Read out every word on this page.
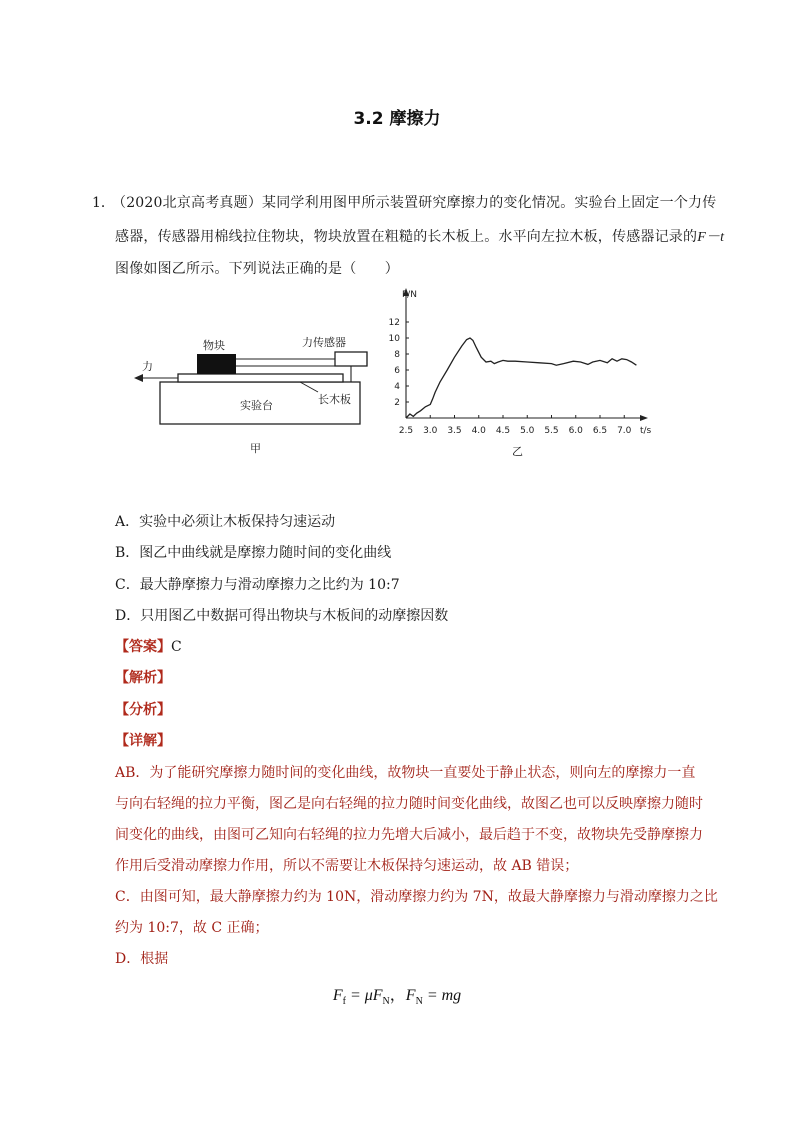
3.2 摩擦力
1．
（2020北京高考真题）某同学利用图甲所示装置研究摩擦力的变化情况。实验台上固定一个力传
感器，传感器用棉线拉住物块，物块放置在粗糙的长木板上。水平向左拉木板，传感器记录的F－t
图像如图乙所示。下列说法正确的是（　　）
实验台
物块	力传感器
力
长木板
甲
F/N
t/s
2.5 3.0 3.5 4.0 4.5 5.0 5.5 6.0 6.5 7.0
2
4
6
8
10
12
乙
A．实验中必须让木板保持匀速运动
B．图乙中曲线就是摩擦力随时间的变化曲线
C．最大静摩擦力与滑动摩擦力之比约为 10:7
D．只用图乙中数据可得出物块与木板间的动摩擦因数
【答案】C
【解析】
【分析】
【详解】
AB．为了能研究摩擦力随时间的变化曲线，故物块一直要处于静止状态，则向左的摩擦力一直
与向右轻绳的拉力平衡，图乙是向右轻绳的拉力随时间变化曲线，故图乙也可以反映摩擦力随时
间变化的曲线，由图可乙知向右轻绳的拉力先增大后减小，最后趋于不变，故物块先受静摩擦力
作用后受滑动摩擦力作用，所以不需要让木板保持匀速运动，故 AB 错误；
C．由图可知，最大静摩擦力约为 10N，滑动摩擦力约为 7N，故最大静摩擦力与滑动摩擦力之比
约为 10:7，故 C 正确；
D．根据
$F_f = \mu F_N$，$F_N$ = mg
